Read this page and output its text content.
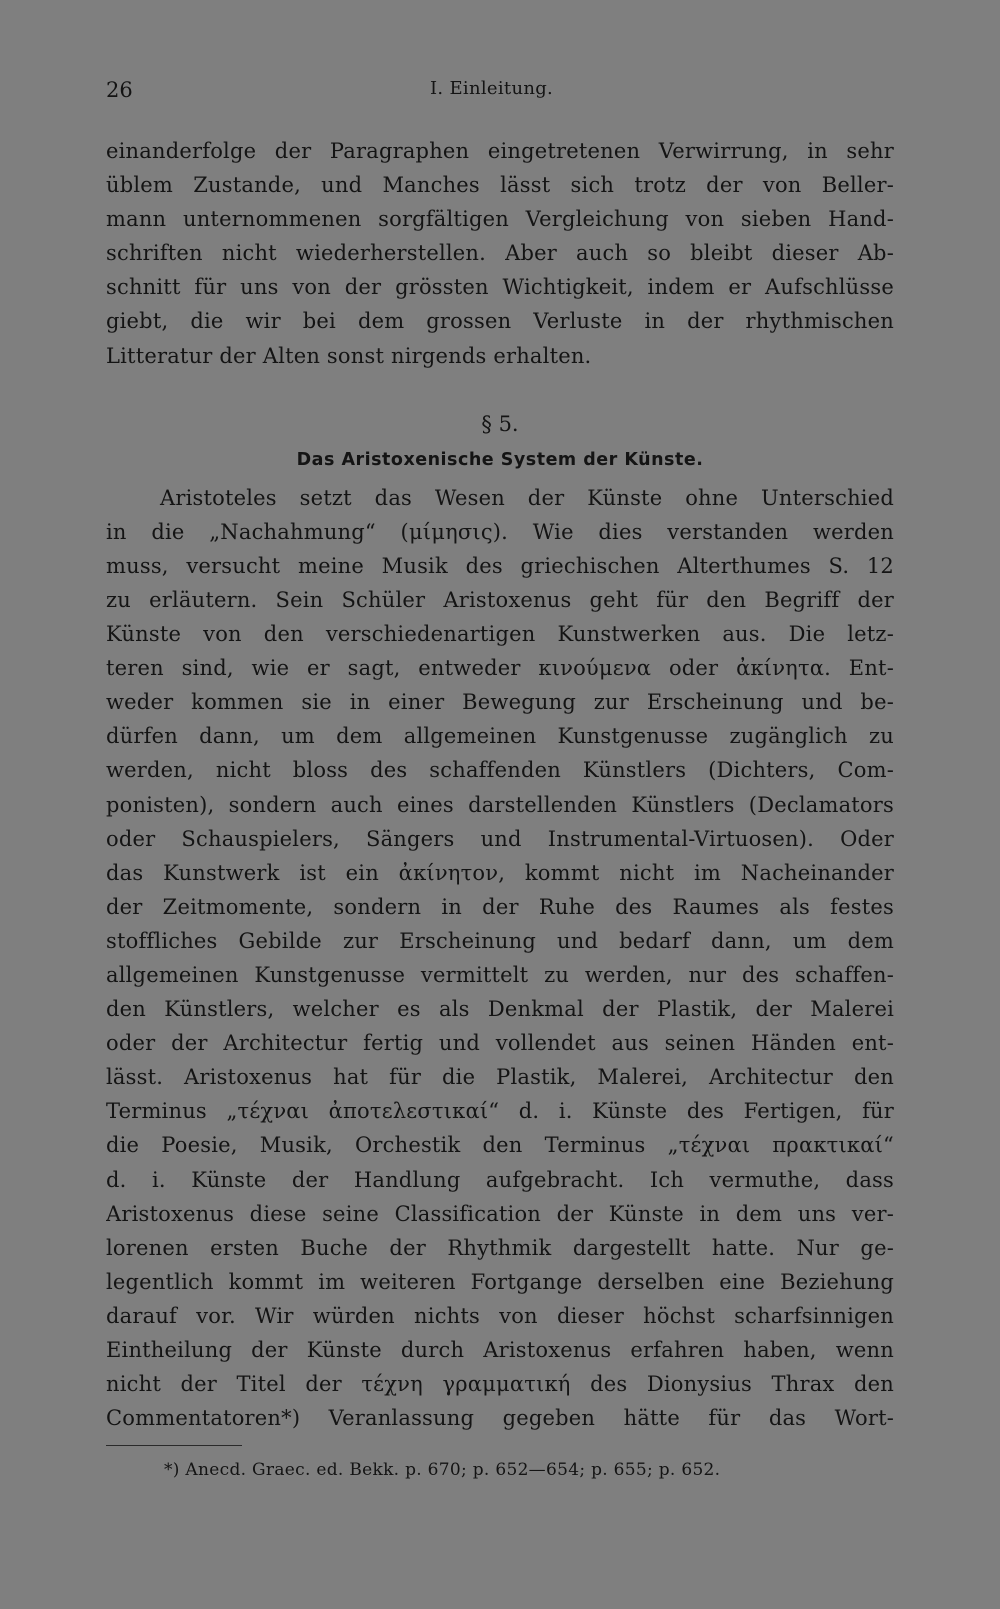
26	I. Einleitung.
einanderfolge der Paragraphen eingetretenen Verwirrung, in sehr
üblem Zustande, und Manches lässt sich trotz der von Beller-
mann unternommenen sorgfältigen Vergleichung von sieben Hand-
schriften nicht wiederherstellen. Aber auch so bleibt dieser Ab-
schnitt für uns von der grössten Wichtigkeit, indem er Aufschlüsse
giebt, die wir bei dem grossen Verluste in der rhythmischen
Litteratur der Alten sonst nirgends erhalten.
§ 5.
Das Aristoxenische System der Künste.
Aristoteles setzt das Wesen der Künste ohne Unterschied
in die „Nachahmung“ (μίμησις). Wie dies verstanden werden
muss, versucht meine Musik des griechischen Alterthumes S. 12
zu erläutern. Sein Schüler Aristoxenus geht für den Begriff der
Künste von den verschiedenartigen Kunstwerken aus. Die letz-
teren sind, wie er sagt, entweder κινούμενα oder ἀκίνητα. Ent-
weder kommen sie in einer Bewegung zur Erscheinung und be-
dürfen dann, um dem allgemeinen Kunstgenusse zugänglich zu
werden, nicht bloss des schaffenden Künstlers (Dichters, Com-
ponisten), sondern auch eines darstellenden Künstlers (Declamators
oder Schauspielers, Sängers und Instrumental-Virtuosen). Oder
das Kunstwerk ist ein ἀκίνητον, kommt nicht im Nacheinander
der Zeitmomente, sondern in der Ruhe des Raumes als festes
stoffliches Gebilde zur Erscheinung und bedarf dann, um dem
allgemeinen Kunstgenusse vermittelt zu werden, nur des schaffen-
den Künstlers, welcher es als Denkmal der Plastik, der Malerei
oder der Architectur fertig und vollendet aus seinen Händen ent-
lässt. Aristoxenus hat für die Plastik, Malerei, Architectur den
Terminus „τέχναι ἀποτελεστικαί“ d. i. Künste des Fertigen, für
die Poesie, Musik, Orchestik den Terminus „τέχναι πρακτικαί“
d. i. Künste der Handlung aufgebracht. Ich vermuthe, dass
Aristoxenus diese seine Classification der Künste in dem uns ver-
lorenen ersten Buche der Rhythmik dargestellt hatte. Nur ge-
legentlich kommt im weiteren Fortgange derselben eine Beziehung
darauf vor. Wir würden nichts von dieser höchst scharfsinnigen
Eintheilung der Künste durch Aristoxenus erfahren haben, wenn
nicht der Titel der τέχνη γραμματική des Dionysius Thrax den
Commentatoren*) Veranlassung gegeben hätte für das Wort-
*) Anecd. Graec. ed. Bekk. p. 670; p. 652—654; p. 655; p. 652.
